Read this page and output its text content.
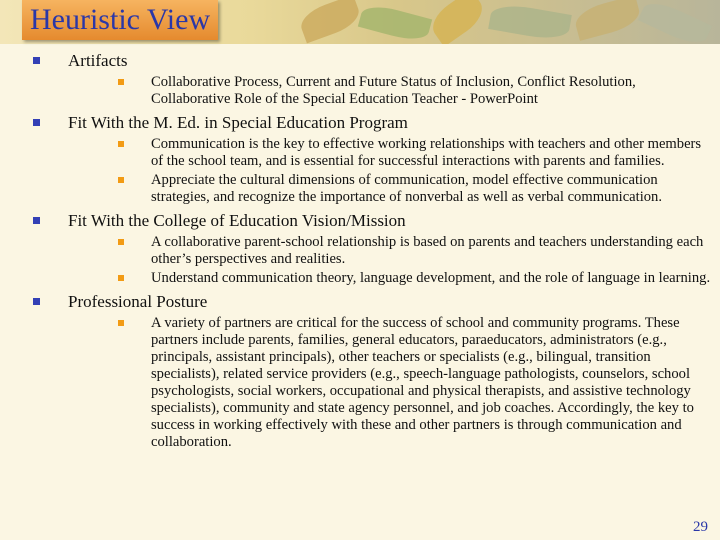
Heuristic View
Artifacts
Collaborative Process, Current and Future Status of Inclusion, Conflict Resolution, Collaborative Role of the Special Education Teacher - PowerPoint
Fit With the M. Ed. in Special Education Program
Communication is the key to effective working relationships with teachers and other members of the school team, and is essential for successful interactions with parents and families.
Appreciate the cultural dimensions of communication, model effective communication strategies, and recognize the importance of nonverbal as well as verbal communication.
Fit With the College of Education Vision/Mission
A collaborative parent-school relationship is based on parents and teachers understanding each other’s perspectives and realities.
Understand communication theory, language development, and the role of language in learning.
Professional Posture
A variety of partners are critical for the success of school and community programs. These partners include parents, families, general educators, paraeducators, administrators (e.g., principals, assistant principals), other teachers or specialists (e.g., bilingual, transition specialists), related service providers (e.g., speech-language pathologists, counselors, school psychologists, social workers, occupational and physical therapists, and assistive technology specialists), community and state agency personnel, and job coaches. Accordingly, the key to success in working effectively with these and other partners is through communication and collaboration.
29
